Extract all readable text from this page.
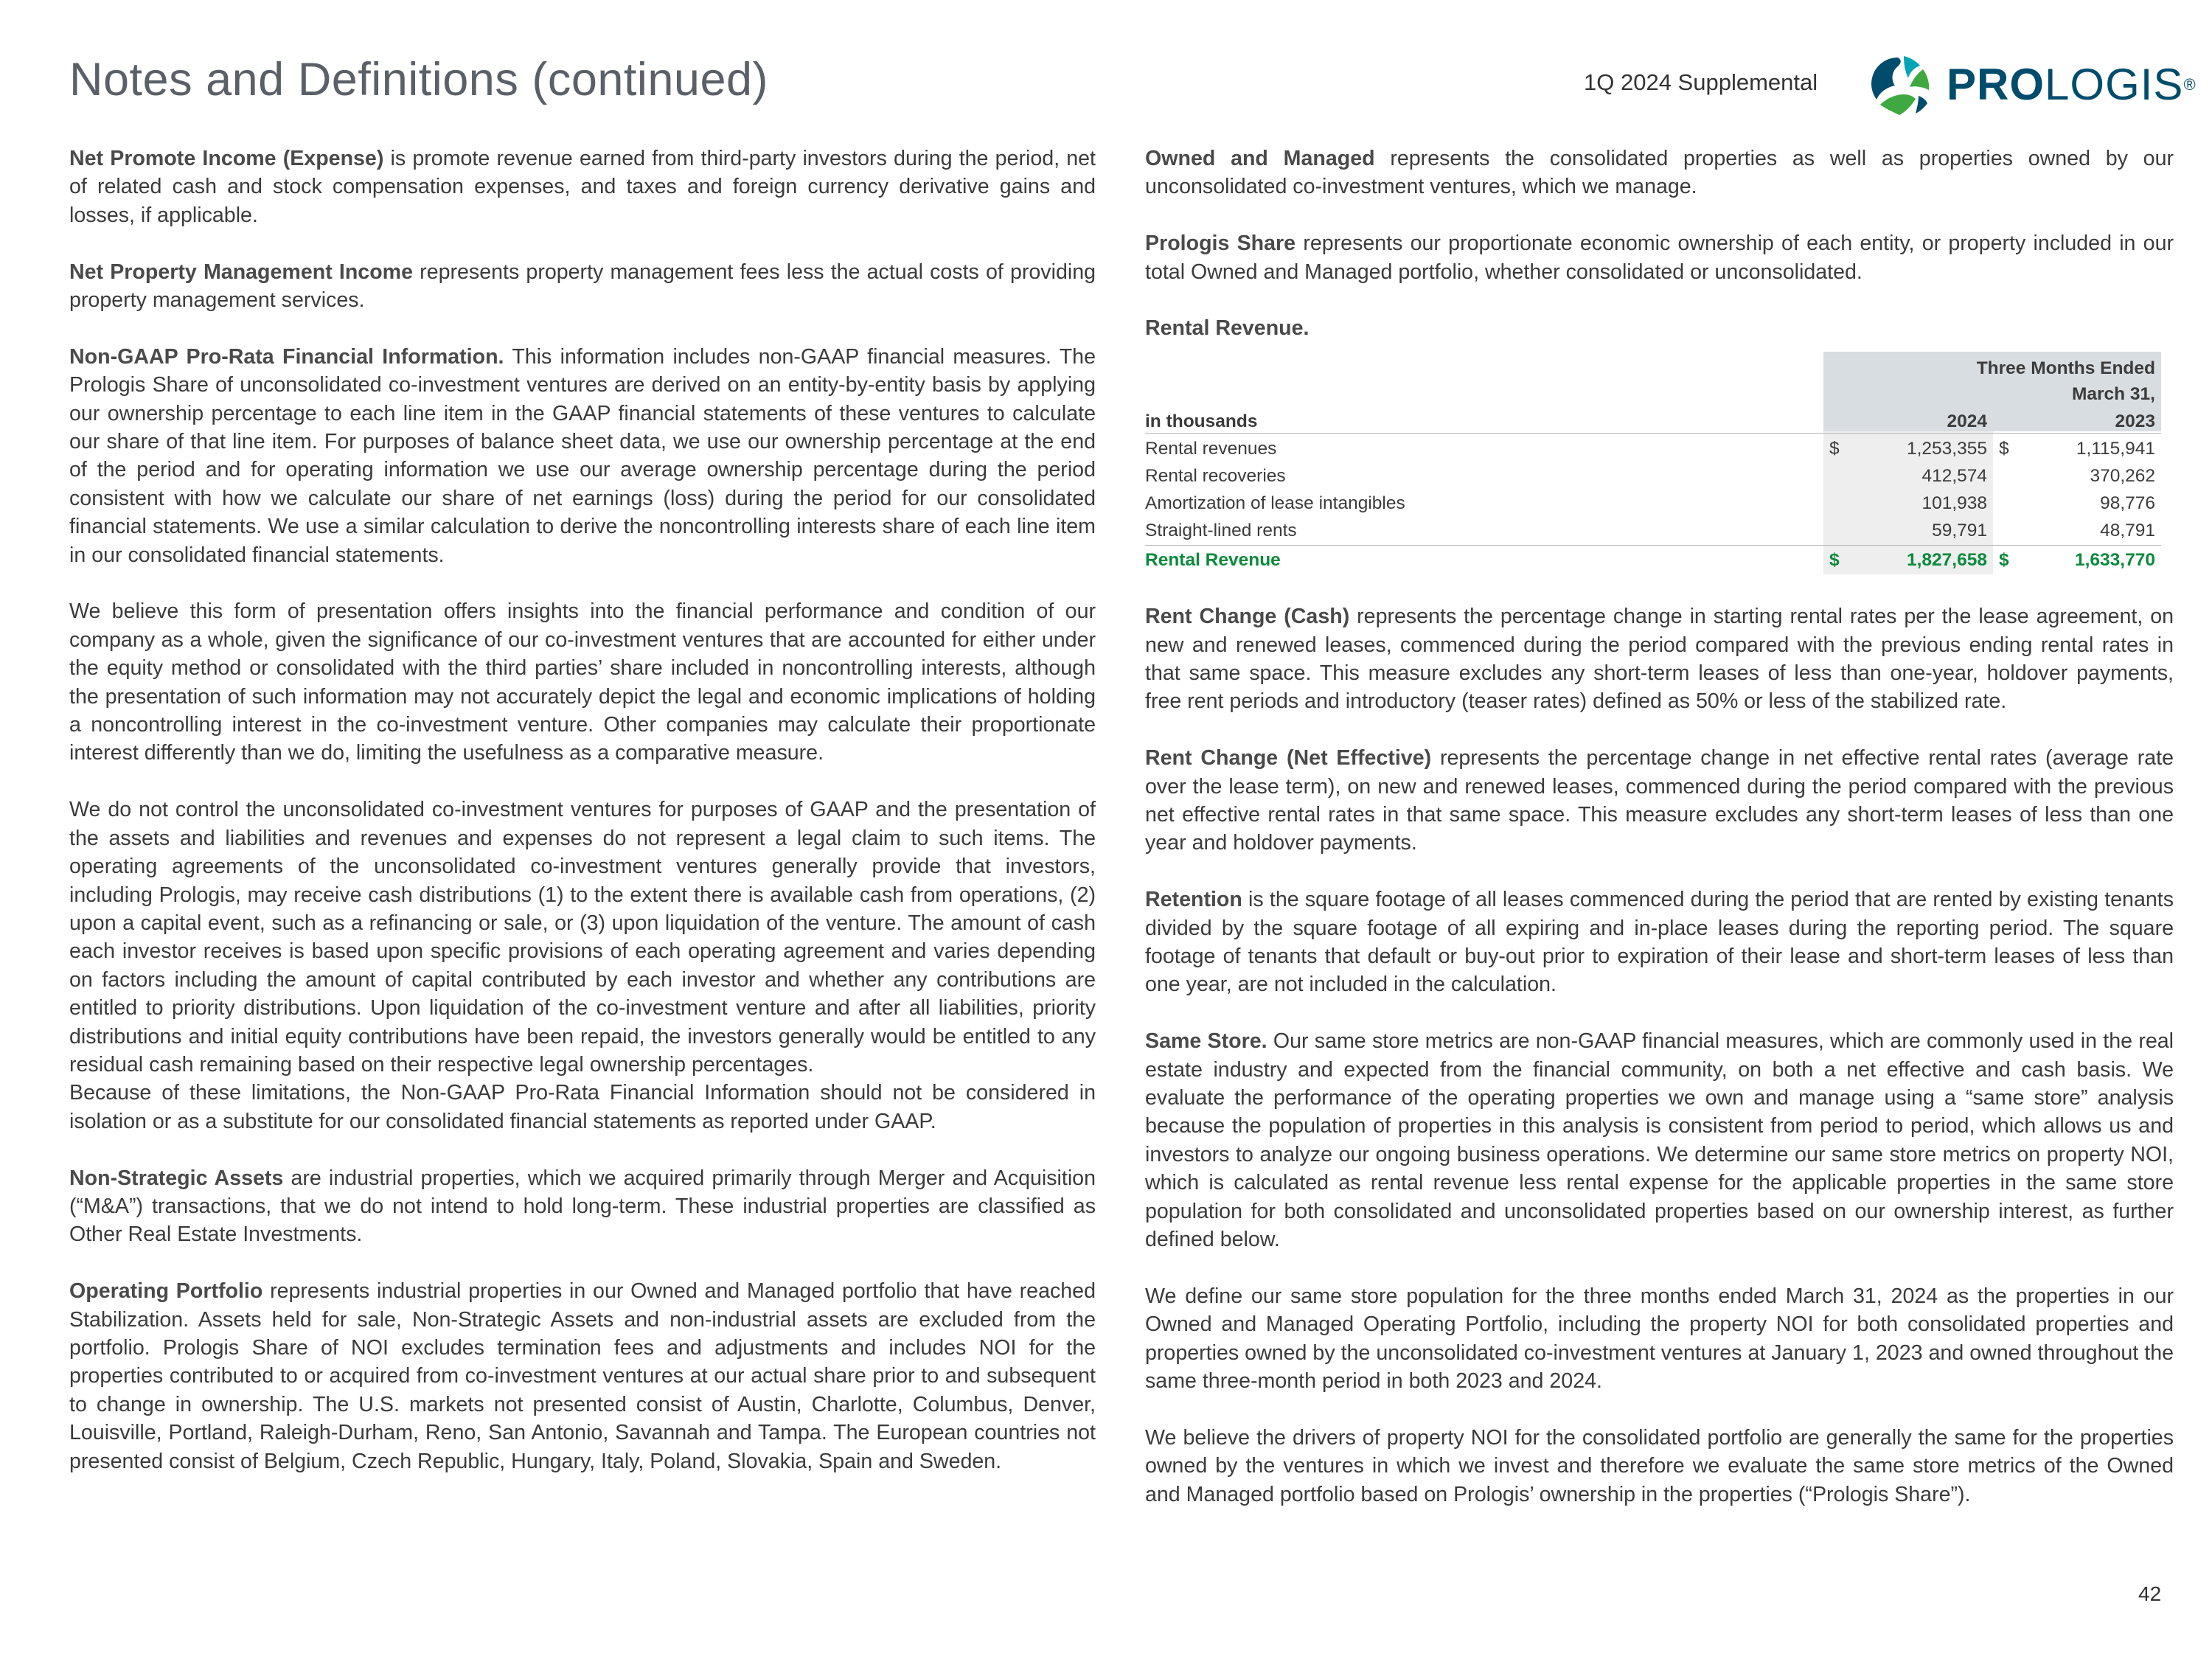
Notes and Definitions (continued)	1Q 2024 Supplemental	PROLOGIS®

Net Promote Income (Expense) is promote revenue earned from third-party investors during the period, net of related cash and stock compensation expenses, and taxes and foreign currency derivative gains and losses, if applicable.

Net Property Management Income represents property management fees less the actual costs of providing property management services.

Non-GAAP Pro-Rata Financial Information. This information includes non-GAAP financial measures. The Prologis Share of unconsolidated co-investment ventures are derived on an entity-by-entity basis by applying our ownership percentage to each line item in the GAAP financial statements of these ventures to calculate our share of that line item. For purposes of balance sheet data, we use our ownership percentage at the end of the period and for operating information we use our average ownership percentage during the period consistent with how we calculate our share of net earnings (loss) during the period for our consolidated financial statements. We use a similar calculation to derive the noncontrolling interests share of each line item in our consolidated financial statements.

We believe this form of presentation offers insights into the financial performance and condition of our company as a whole, given the significance of our co-investment ventures that are accounted for either under the equity method or consolidated with the third parties’ share included in noncontrolling interests, although the presentation of such information may not accurately depict the legal and economic implications of holding a noncontrolling interest in the co-investment venture. Other companies may calculate their proportionate interest differently than we do, limiting the usefulness as a comparative measure.

We do not control the unconsolidated co-investment ventures for purposes of GAAP and the presentation of the assets and liabilities and revenues and expenses do not represent a legal claim to such items. The operating agreements of the unconsolidated co-investment ventures generally provide that investors, including Prologis, may receive cash distributions (1) to the extent there is available cash from operations, (2) upon a capital event, such as a refinancing or sale, or (3) upon liquidation of the venture. The amount of cash each investor receives is based upon specific provisions of each operating agreement and varies depending on factors including the amount of capital contributed by each investor and whether any contributions are entitled to priority distributions. Upon liquidation of the co-investment venture and after all liabilities, priority distributions and initial equity contributions have been repaid, the investors generally would be entitled to any residual cash remaining based on their respective legal ownership percentages.

Because of these limitations, the Non-GAAP Pro-Rata Financial Information should not be considered in isolation or as a substitute for our consolidated financial statements as reported under GAAP.

Non-Strategic Assets are industrial properties, which we acquired primarily through Merger and Acquisition (“M&A”) transactions, that we do not intend to hold long-term. These industrial properties are classified as Other Real Estate Investments.

Operating Portfolio represents industrial properties in our Owned and Managed portfolio that have reached Stabilization. Assets held for sale, Non-Strategic Assets and non-industrial assets are excluded from the portfolio. Prologis Share of NOI excludes termination fees and adjustments and includes NOI for the properties contributed to or acquired from co-investment ventures at our actual share prior to and subsequent to change in ownership. The U.S. markets not presented consist of Austin, Charlotte, Columbus, Denver, Louisville, Portland, Raleigh-Durham, Reno, San Antonio, Savannah and Tampa. The European countries not presented consist of Belgium, Czech Republic, Hungary, Italy, Poland, Slovakia, Spain and Sweden.

Owned and Managed represents the consolidated properties as well as properties owned by our unconsolidated co-investment ventures, which we manage.

Prologis Share represents our proportionate economic ownership of each entity, or property included in our total Owned and Managed portfolio, whether consolidated or unconsolidated.

Rental Revenue.

Three Months Ended
March 31,
in thousands	2024	2023
Rental revenues	$	1,253,355 $	1,115,941
Rental recoveries	412,574	370,262
Amortization of lease intangibles	101,938	98,776
Straight-lined rents	59,791	48,791
Rental Revenue	$	1,827,658 $	1,633,770

Rent Change (Cash) represents the percentage change in starting rental rates per the lease agreement, on new and renewed leases, commenced during the period compared with the previous ending rental rates in that same space. This measure excludes any short-term leases of less than one-year, holdover payments, free rent periods and introductory (teaser rates) defined as 50% or less of the stabilized rate.

Rent Change (Net Effective) represents the percentage change in net effective rental rates (average rate over the lease term), on new and renewed leases, commenced during the period compared with the previous net effective rental rates in that same space. This measure excludes any short-term leases of less than one year and holdover payments.

Retention is the square footage of all leases commenced during the period that are rented by existing tenants divided by the square footage of all expiring and in-place leases during the reporting period. The square footage of tenants that default or buy-out prior to expiration of their lease and short-term leases of less than one year, are not included in the calculation.

Same Store. Our same store metrics are non-GAAP financial measures, which are commonly used in the real estate industry and expected from the financial community, on both a net effective and cash basis. We evaluate the performance of the operating properties we own and manage using a “same store” analysis because the population of properties in this analysis is consistent from period to period, which allows us and investors to analyze our ongoing business operations. We determine our same store metrics on property NOI, which is calculated as rental revenue less rental expense for the applicable properties in the same store population for both consolidated and unconsolidated properties based on our ownership interest, as further defined below.

We define our same store population for the three months ended March 31, 2024 as the properties in our Owned and Managed Operating Portfolio, including the property NOI for both consolidated properties and properties owned by the unconsolidated co-investment ventures at January 1, 2023 and owned throughout the same three-month period in both 2023 and 2024.

We believe the drivers of property NOI for the consolidated portfolio are generally the same for the properties owned by the ventures in which we invest and therefore we evaluate the same store metrics of the Owned and Managed portfolio based on Prologis’ ownership in the properties (“Prologis Share”).

42
